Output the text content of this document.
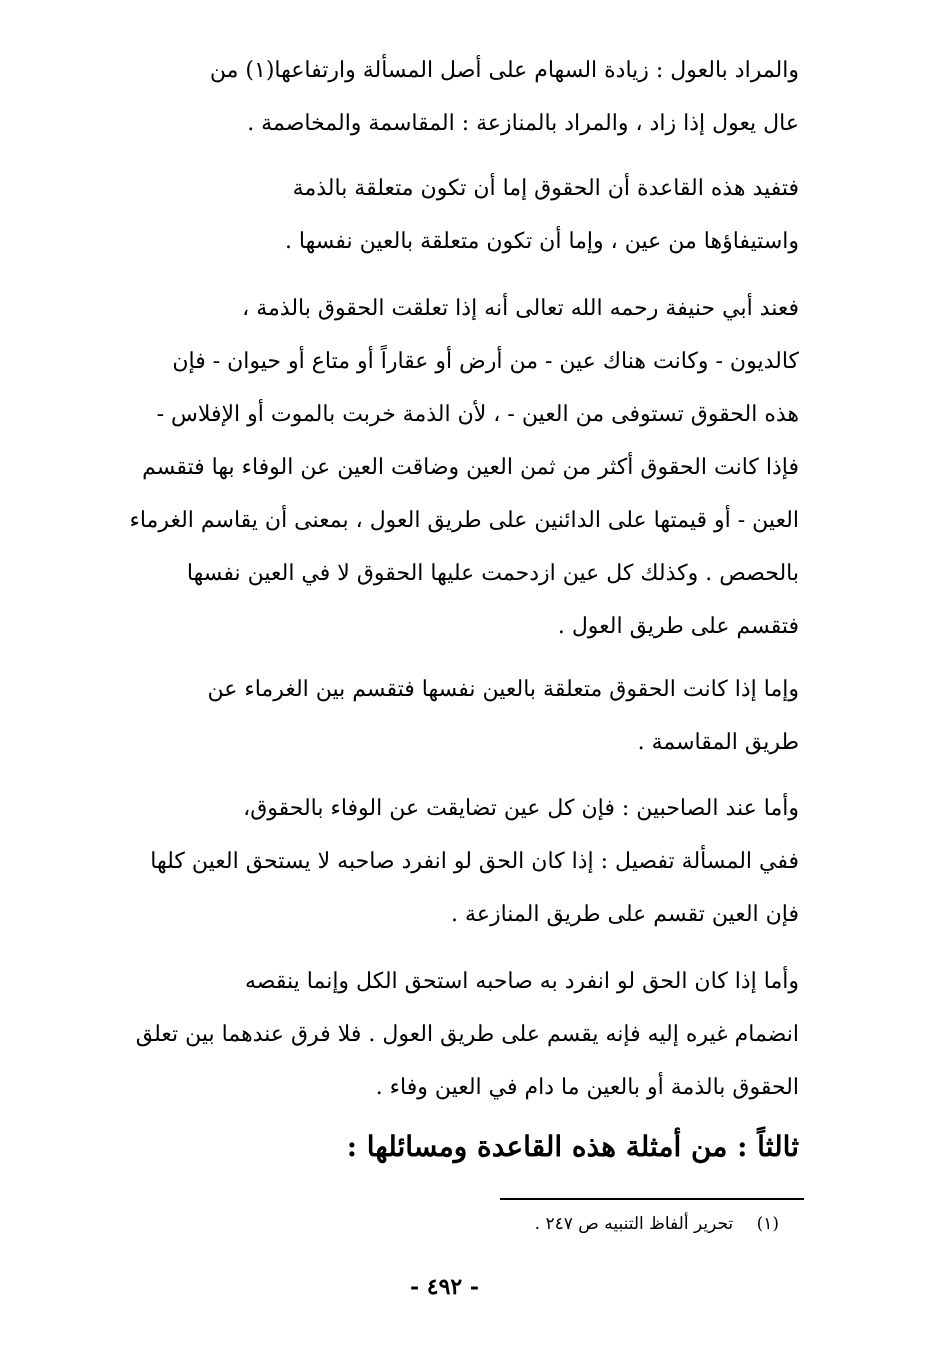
والمراد بالعول : زيادة السهام على أصل المسألة وارتفاعها(١) من
عال يعول إذا زاد ، والمراد بالمنازعة : المقاسمة والمخاصمة .

فتفيد هذه القاعدة أن الحقوق إما أن تكون متعلقة بالذمة
واستيفاؤها من عين ، وإما أن تكون متعلقة بالعين نفسها .

فعند أبي حنيفة رحمه الله تعالى أنه إذا تعلقت الحقوق بالذمة ،
كالديون - وكانت هناك عين - من أرض أو عقاراً أو متاع أو حيوان - فإن
هذه الحقوق تستوفى من العين - ، لأن الذمة خربت بالموت أو الإفلاس -
فإذا كانت الحقوق أكثر من ثمن العين وضاقت العين عن الوفاء بها فتقسم
العين - أو قيمتها على الدائنين على طريق العول ، بمعنى أن يقاسم الغرماء
بالحصص . وكذلك كل عين ازدحمت عليها الحقوق لا في العين نفسها
فتقسم على طريق العول .

وإما إذا كانت الحقوق متعلقة بالعين نفسها فتقسم بين الغرماء عن
طريق المقاسمة .

وأما عند الصاحبين : فإن كل عين تضايقت عن الوفاء بالحقوق،
ففي المسألة تفصيل : إذا كان الحق لو انفرد صاحبه لا يستحق العين كلها
فإن العين تقسم على طريق المنازعة .

وأما إذا كان الحق لو انفرد به صاحبه استحق الكل وإنما ينقصه
انضمام غيره إليه فإنه يقسم على طريق العول . فلا فرق عندهما بين تعلق
الحقوق بالذمة أو بالعين ما دام في العين وفاء .

ثالثاً : من أمثلة هذه القاعدة ومسائلها :

(١) تحرير ألفاظ التنبيه ص ٢٤٧ .

- ٤٩٢ -
